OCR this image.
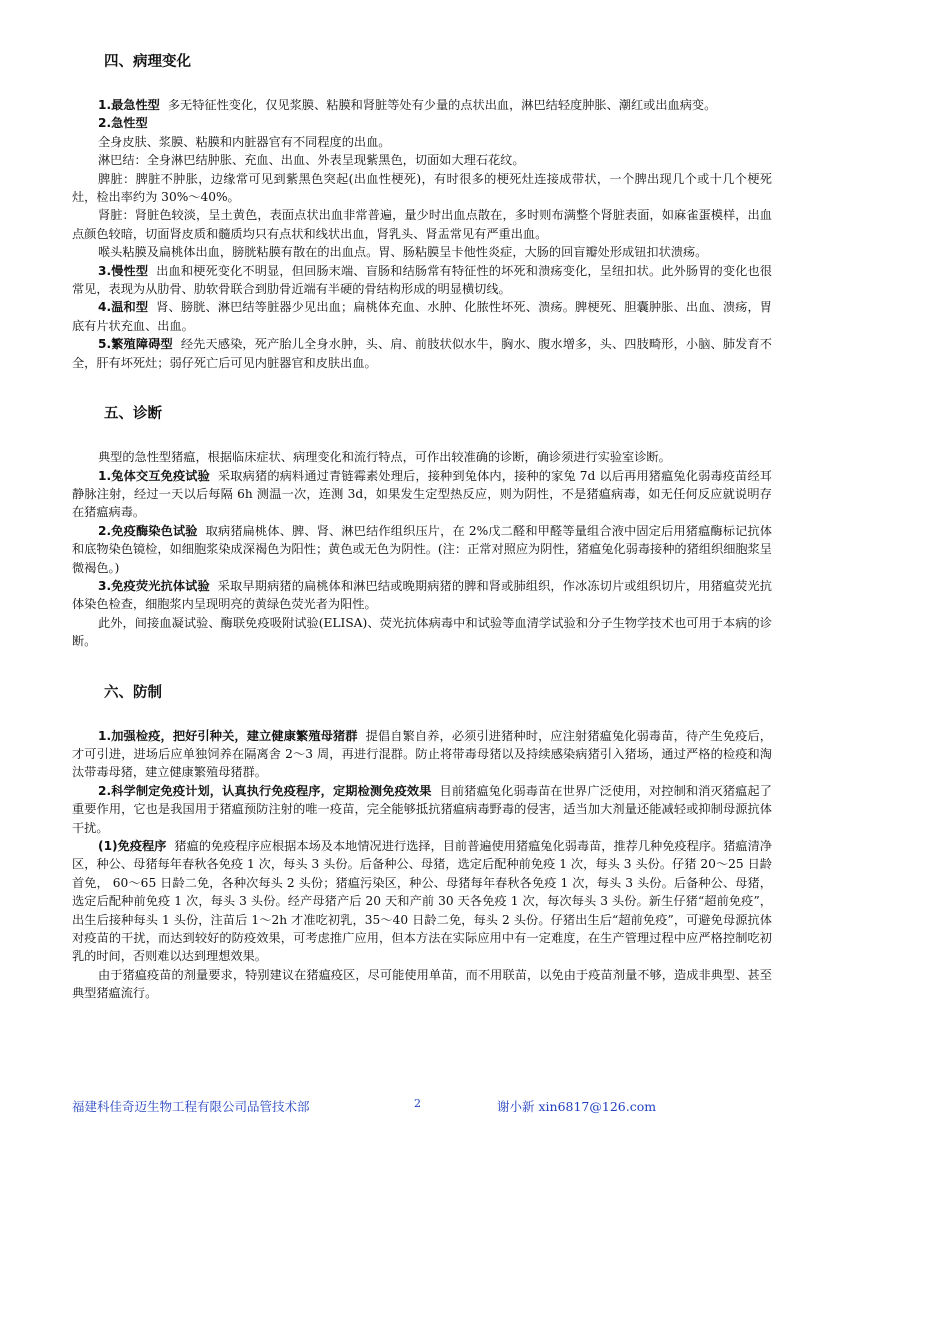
四、病理变化

1.最急性型 多无特征性变化，仅见浆膜、粘膜和肾脏等处有少量的点状出血，淋巴结轻度肿胀、潮红或出血病变。

2.急性型

全身皮肤、浆膜、粘膜和内脏器官有不同程度的出血。

淋巴结：全身淋巴结肿胀、充血、出血、外表呈现紫黑色，切面如大理石花纹。

脾脏：脾脏不肿胀，边缘常可见到紫黑色突起(出血性梗死)，有时很多的梗死灶连接成带状，一个脾出现几个或十几个梗死灶，检出率约为 30%～40%。

肾脏：肾脏色较淡，呈土黄色，表面点状出血非常普遍，量少时出血点散在，多时则布满整个肾脏表面，如麻雀蛋模样，出血点颜色较暗，切面肾皮质和髓质均只有点状和线状出血，肾乳头、肾盂常见有严重出血。

喉头粘膜及扁桃体出血，膀胱粘膜有散在的出血点。胃、肠粘膜呈卡他性炎症，大肠的回盲瓣处形成钮扣状溃疡。

3.慢性型 出血和梗死变化不明显，但回肠末端、盲肠和结肠常有特征性的坏死和溃疡变化，呈纽扣状。此外肠胃的变化也很常见，表现为从肋骨、肋软骨联合到肋骨近端有半硬的骨结构形成的明显横切线。

4.温和型 肾、膀胱、淋巴结等脏器少见出血；扁桃体充血、水肿、化脓性坏死、溃疡。脾梗死、胆囊肿胀、出血、溃疡，胃底有片状充血、出血。

5.繁殖障碍型 经先天感染，死产胎儿全身水肿，头、肩、前肢状似水牛，胸水、腹水增多，头、四肢畸形，小脑、肺发育不全，肝有坏死灶；弱仔死亡后可见内脏器官和皮肤出血。

五、诊断

典型的急性型猪瘟，根据临床症状、病理变化和流行特点，可作出较准确的诊断，确诊须进行实验室诊断。

1.兔体交互免疫试验 采取病猪的病料通过青链霉素处理后，接种到兔体内，接种的家兔 7d 以后再用猪瘟兔化弱毒疫苗经耳静脉注射，经过一天以后每隔 6h 测温一次，连测 3d，如果发生定型热反应，则为阴性，不是猪瘟病毒，如无任何反应就说明存在猪瘟病毒。

2.免疫酶染色试验 取病猪扁桃体、脾、肾、淋巴结作组织压片，在 2%戊二醛和甲醛等量组合液中固定后用猪瘟酶标记抗体和底物染色镜检，如细胞浆染成深褐色为阳性；黄色或无色为阴性。(注：正常对照应为阴性，猪瘟兔化弱毒接种的猪组织细胞浆呈微褐色。)

3.免疫荧光抗体试验 采取早期病猪的扁桃体和淋巴结或晚期病猪的脾和肾或肺组织，作冰冻切片或组织切片，用猪瘟荧光抗体染色检查，细胞浆内呈现明亮的黄绿色荧光者为阳性。

此外，间接血凝试验、酶联免疫吸附试验(ELISA)、荧光抗体病毒中和试验等血清学试验和分子生物学技术也可用于本病的诊断。

六、防制

1.加强检疫，把好引种关，建立健康繁殖母猪群 提倡自繁自养，必须引进猪种时，应注射猪瘟兔化弱毒苗，待产生免疫后，才可引进，进场后应单独饲养在隔离舍 2～3 周，再进行混群。防止将带毒母猪以及持续感染病猪引入猪场，通过严格的检疫和淘汰带毒母猪，建立健康繁殖母猪群。

2.科学制定免疫计划，认真执行免疫程序，定期检测免疫效果 目前猪瘟兔化弱毒苗在世界广泛使用，对控制和消灭猪瘟起了重要作用，它也是我国用于猪瘟预防注射的唯一疫苗，完全能够抵抗猪瘟病毒野毒的侵害，适当加大剂量还能减轻或抑制母源抗体干扰。

(1)免疫程序 猪瘟的免疫程序应根据本场及本地情况进行选择，目前普遍使用猪瘟兔化弱毒苗，推荐几种免疫程序。猪瘟清净区，种公、母猪每年春秋各免疫 1 次，每头 3 头份。后备种公、母猪，选定后配种前免疫 1 次，每头 3 头份。仔猪 20～25 日龄首免， 60～65 日龄二免，各种次每头 2 头份；猪瘟污染区，种公、母猪每年春秋各免疫 1 次，每头 3 头份。后备种公、母猪，选定后配种前免疫 1 次，每头 3 头份。经产母猪产后 20 天和产前 30 天各免疫 1 次，每次每头 3 头份。新生仔猪“超前免疫”，出生后接种每头 1 头份，注苗后 1～2h 才准吃初乳，35～40 日龄二免，每头 2 头份。仔猪出生后“超前免疫”，可避免母源抗体对疫苗的干扰，而达到较好的防疫效果，可考虑推广应用，但本方法在实际应用中有一定难度，在生产管理过程中应严格控制吃初乳的时间，否则难以达到理想效果。

由于猪瘟疫苗的剂量要求，特别建议在猪瘟疫区，尽可能使用单苗，而不用联苗，以免由于疫苗剂量不够，造成非典型、甚至典型猪瘟流行。

福建科佳奇迈生物工程有限公司品管技术部	2	谢小新 xin6817@126.com
